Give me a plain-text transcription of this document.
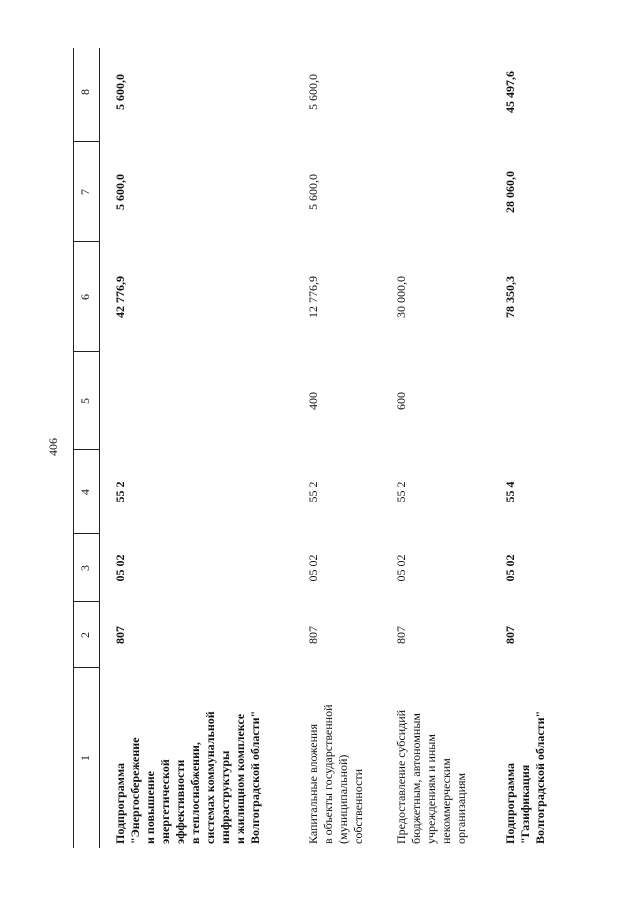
406
1
2
3
4
5
6
7
8
Подпрограмма "Энергосбережение и повышение энергетической эффективности в теплоснабжении, системах коммунальной инфраструктуры и жилищном комплексе Волгоградской области"
807
05 02
55 2
42 776,9
5 600,0
5 600,0
Капитальные вложения в объекты государственной (муниципальной) собственности
807
05 02
55 2
400
12 776,9
5 600,0
5 600,0
Предоставление субсидий бюджетным, автономным учреждениям и иным некоммерческим организациям
807
05 02
55 2
600
30 000,0
Подпрограмма "Газификация Волгоградской области"
807
05 02
55 4
78 350,3
28 060,0
45 497,6
